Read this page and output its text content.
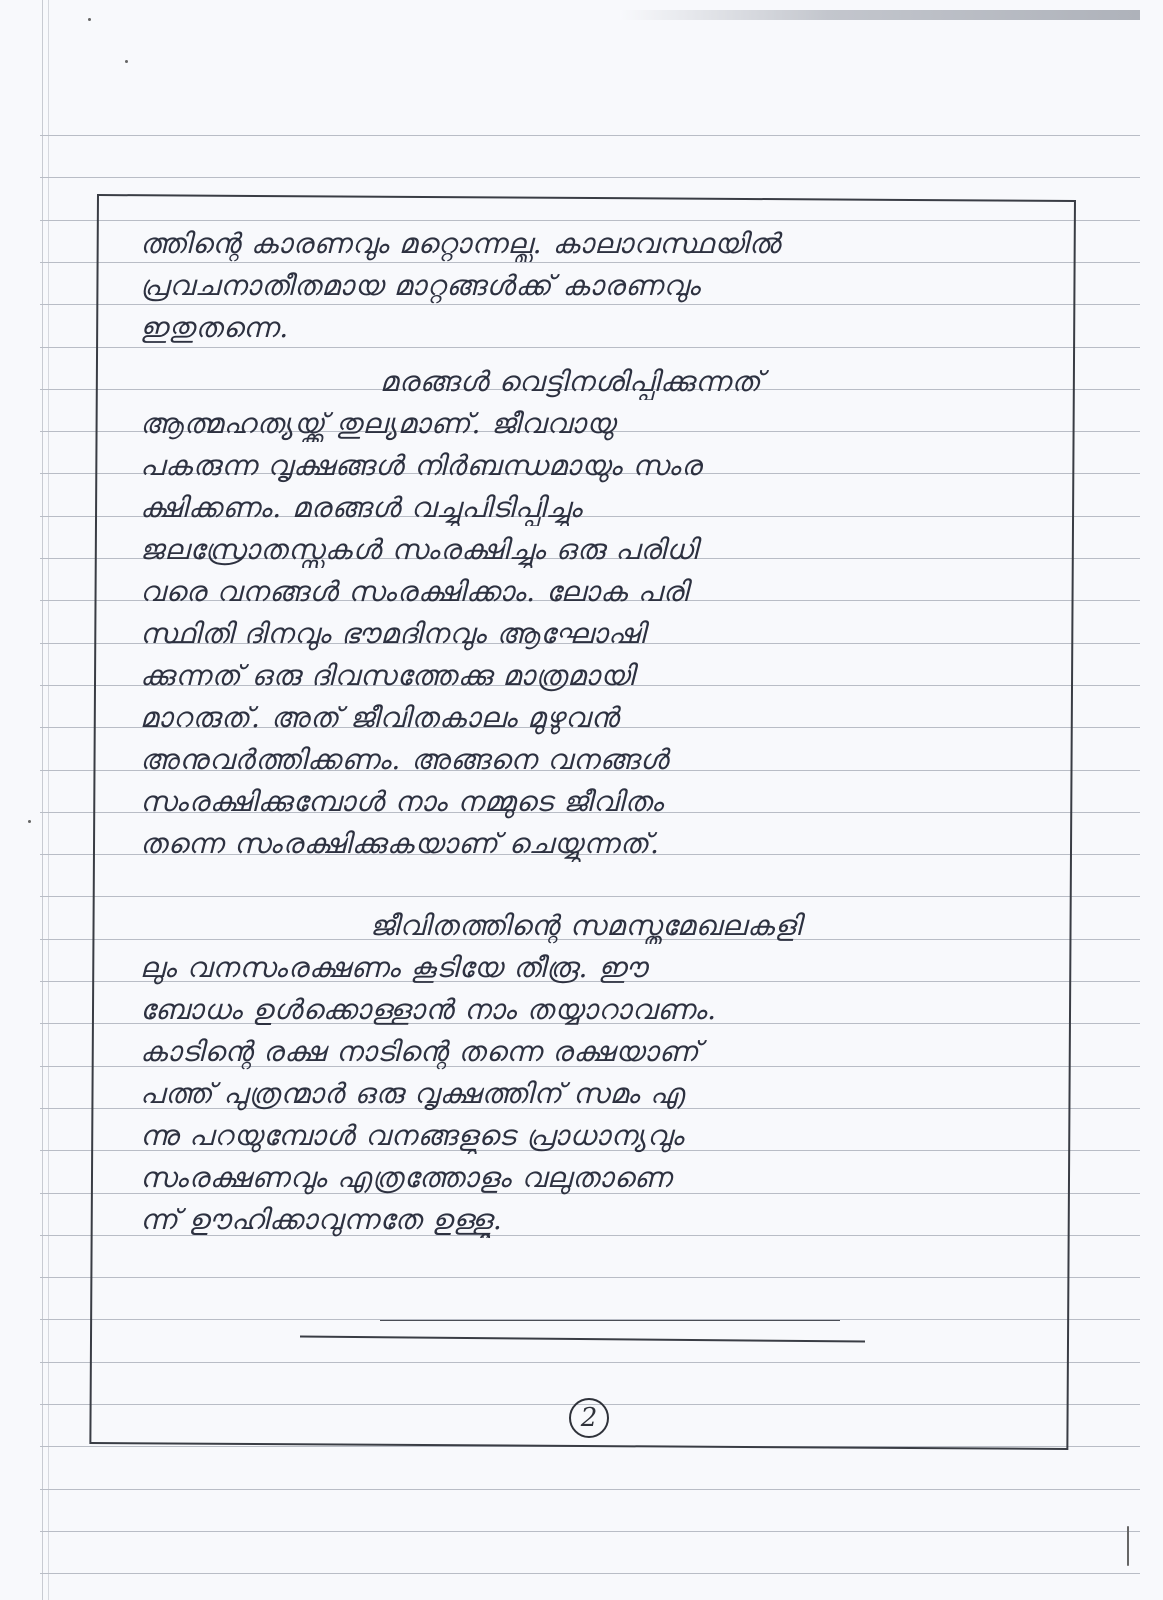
ത്തിന്റെ കാരണവും മറ്റൊന്നല്ല. കാലാവസ്ഥയിൽ
പ്രവചനാതീതമായ മാറ്റങ്ങൾക്ക് കാരണവും
ഇതുതന്നെ.
മരങ്ങൾ വെട്ടിനശിപ്പിക്കുന്നത്
ആത്മഹത്യയ്ക്ക് തുല്യമാണ്. ജീവവായു
പകരുന്ന വൃക്ഷങ്ങൾ നിർബന്ധമായും സംര
ക്ഷിക്കണം. മരങ്ങൾ വച്ചുപിടിപ്പിച്ചും
ജലസ്രോതസ്സുകൾ സംരക്ഷിച്ചും ഒരു പരിധി
വരെ വനങ്ങൾ സംരക്ഷിക്കാം. ലോക പരി
സ്ഥിതി ദിനവും ഭൗമദിനവും ആഘോഷി
ക്കുന്നത് ഒരു ദിവസത്തേക്കു മാത്രമായി
മാറരുത്. അത് ജീവിതകാലം മുഴുവൻ
അനുവർത്തിക്കണം. അങ്ങനെ വനങ്ങൾ
സംരക്ഷിക്കുമ്പോൾ നാം നമ്മുടെ ജീവിതം
തന്നെ സംരക്ഷിക്കുകയാണ് ചെയ്യുന്നത്.
ജീവിതത്തിന്റെ സമസ്തമേഖലകളി
ലും വനസംരക്ഷണം കൂടിയേ തീരൂ. ഈ
ബോധം ഉൾക്കൊള്ളാൻ നാം തയ്യാറാവണം.
കാടിന്റെ രക്ഷ നാടിന്റെ തന്നെ രക്ഷയാണ്
പത്ത് പുത്രന്മാർ ഒരു വൃക്ഷത്തിന് സമം എ
ന്നു പറയുമ്പോൾ വനങ്ങളുടെ പ്രാധാന്യവും
സംരക്ഷണവും എത്രത്തോളം വലുതാണെ
ന്ന് ഊഹിക്കാവുന്നതേ ഉള്ളൂ.
2
